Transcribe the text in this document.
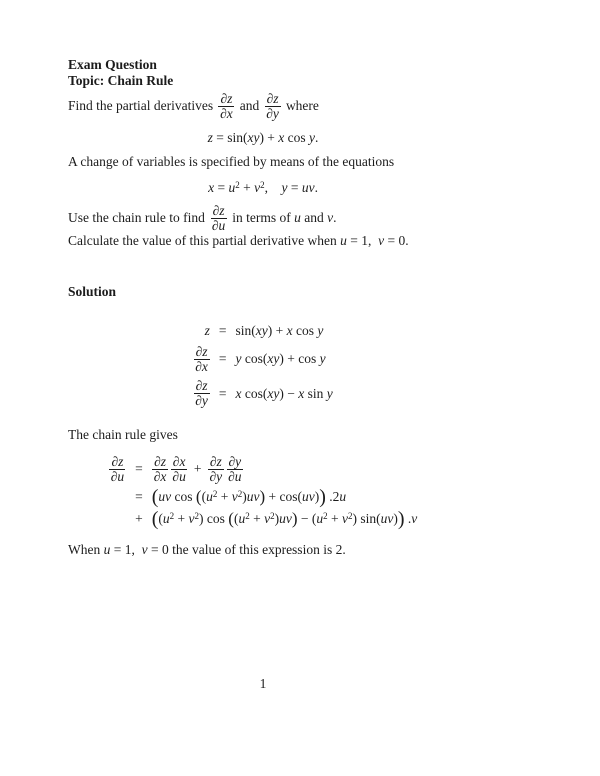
Exam Question
Topic: Chain Rule
Find the partial derivatives $\frac{\partial z}{\partial x}$ and $\frac{\partial z}{\partial y}$ where
z = sin(xy) + x cos y.

A change of variables is specified by means of the equations

$x = u^2 + v^2$,  y = uv.
Use the chain rule to find $\frac{\partial z}{\partial u}$ in terms of u and v.

Calculate the value of this partial derivative when u = 1, v = 0.

Solution
z = sin(xy) + x cos y
$\frac{\partial z}{\partial x} = y$ cos(xy) + cos y
$\frac{\partial z}{\partial y} = x$ cos(xy) − x sin y

The chain rule gives

$\frac{\partial z}{\partial u} = \frac{\partial z}{\partial x} \frac{\partial x}{\partial u} + \frac{\partial z}{\partial y} \frac{\partial y}{\partial u}$
= (uv $\cos ((u^2 + v^2)uv) + \cos(uv)$) .2u
+ ($(u^2 + v^2)$ $\cos ((u^2 + v^2)uv) - (u^2 + v^2)$ sin(uv)) .v

When u = 1, v = 0 the value of this expression is 2.

1
